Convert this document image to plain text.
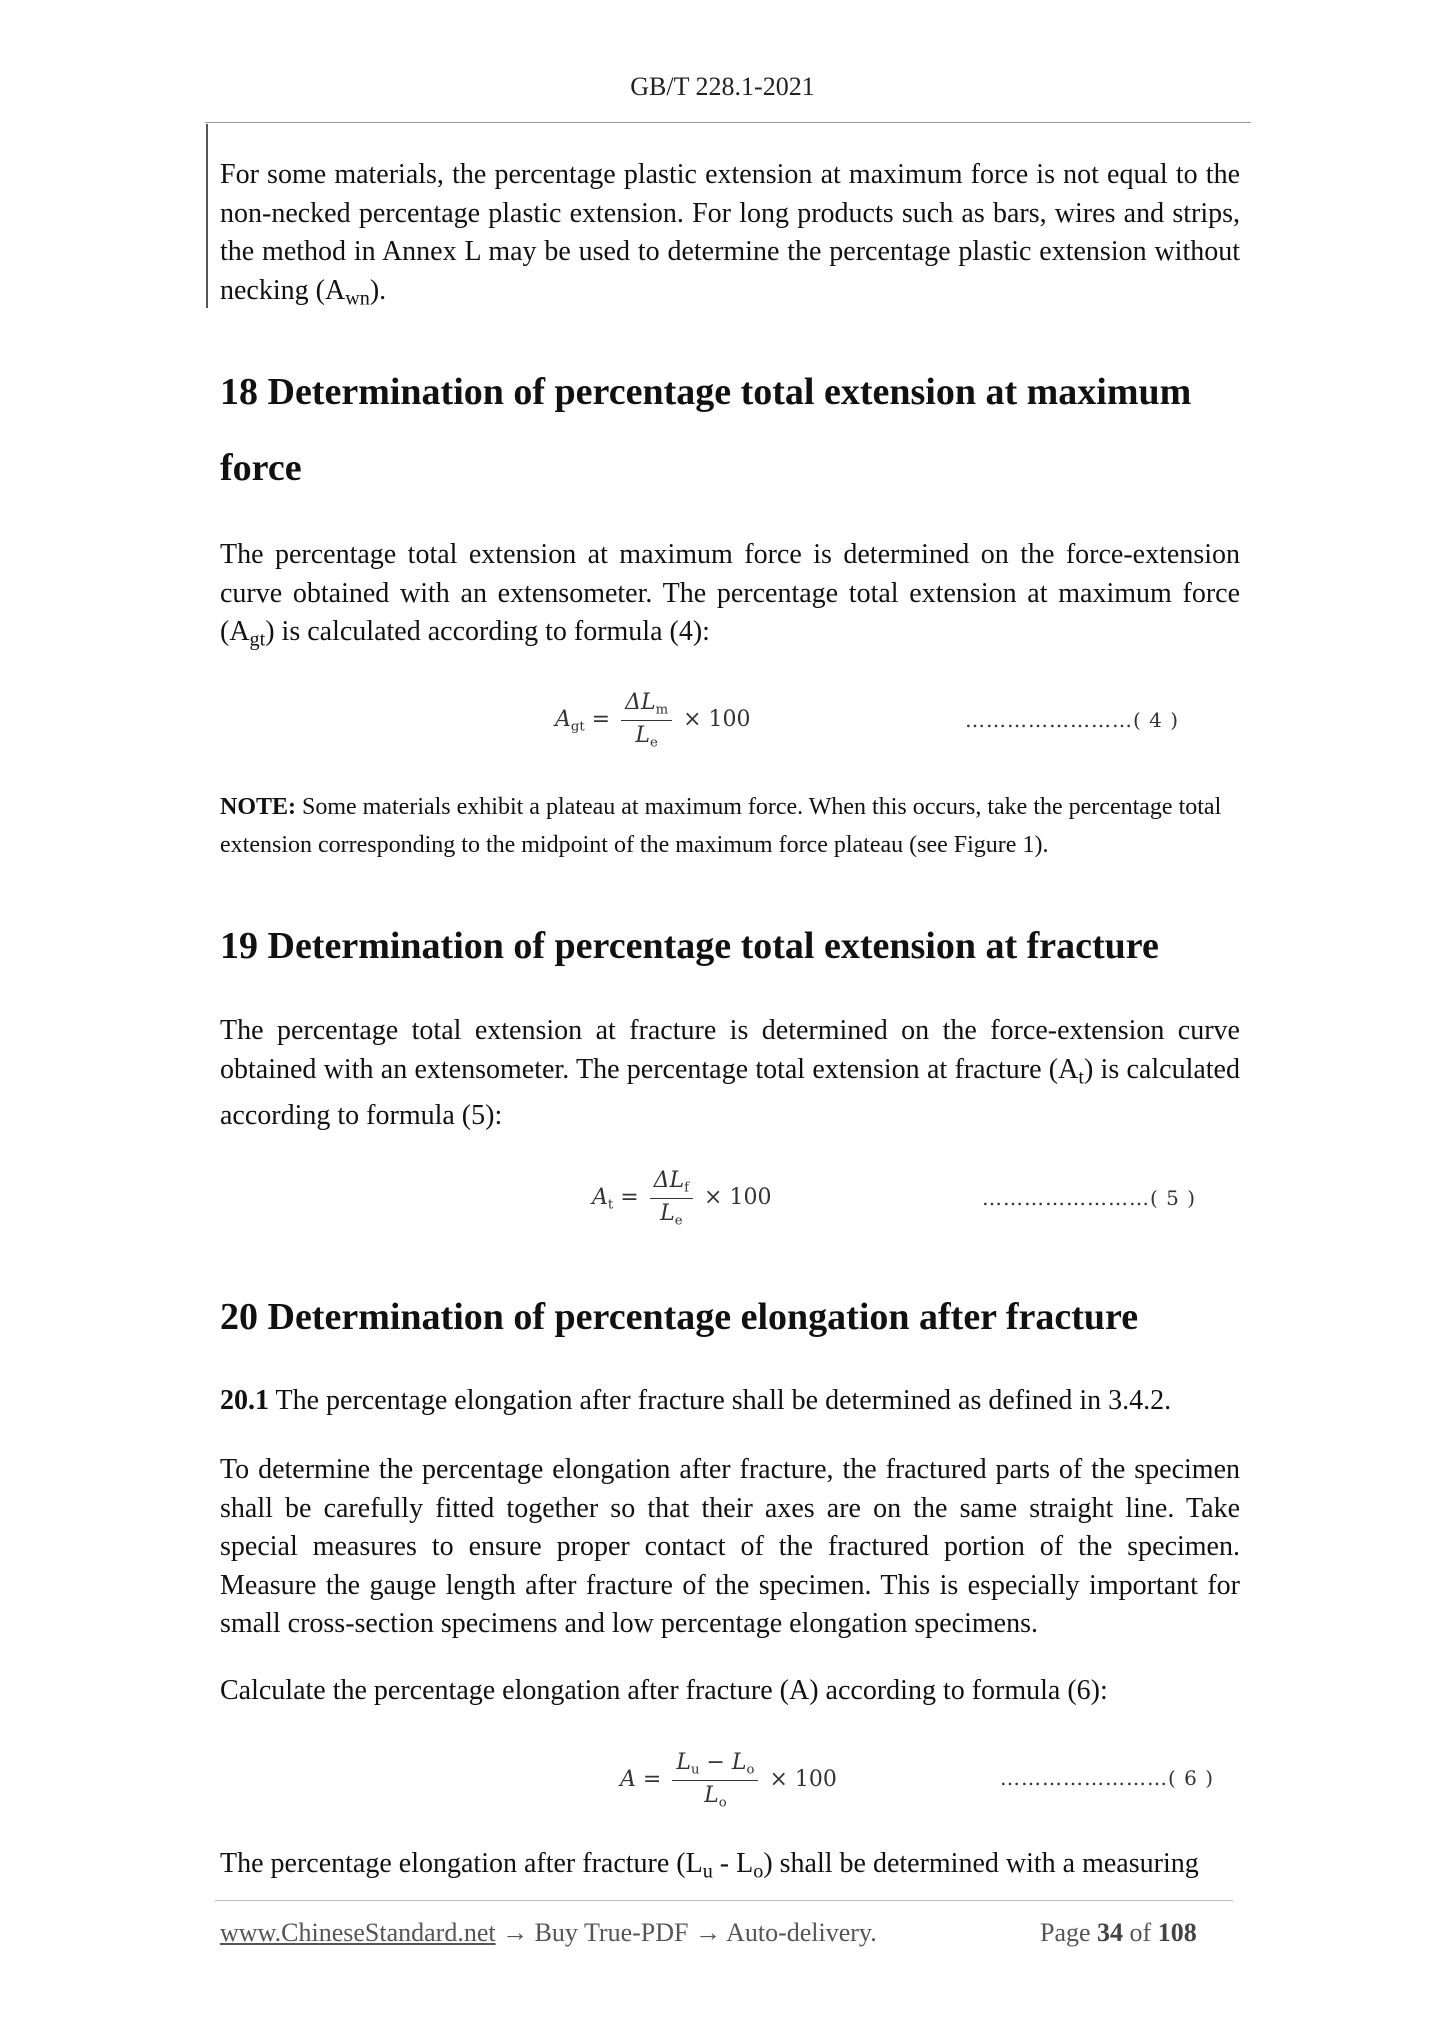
GB/T 228.1-2021
For some materials, the percentage plastic extension at maximum force is not equal to the non-necked percentage plastic extension. For long products such as bars, wires and strips, the method in Annex L may be used to determine the percentage plastic extension without necking $(A_{wn})$.
18 Determination of percentage total extension at maximum force
The percentage total extension at maximum force is determined on the force-extension curve obtained with an extensometer. The percentage total extension at maximum force $(A_{gt})$ is calculated according to formula (4):
$A_{gt} = \frac{\Delta L_m}{L_e} \times 100$	……………………( 4 )
NOTE: Some materials exhibit a plateau at maximum force. When this occurs, take the percentage total extension corresponding to the midpoint of the maximum force plateau (see Figure 1).
19 Determination of percentage total extension at fracture
The percentage total extension at fracture is determined on the force-extension curve obtained with an extensometer. The percentage total extension at fracture $(A_t)$ is calculated according to formula (5):
$A_t = \frac{\Delta L_f}{L_e} \times 100$	……………………( 5 )
20 Determination of percentage elongation after fracture
20.1 The percentage elongation after fracture shall be determined as defined in 3.4.2.
To determine the percentage elongation after fracture, the fractured parts of the specimen shall be carefully fitted together so that their axes are on the same straight line. Take special measures to ensure proper contact of the fractured portion of the specimen. Measure the gauge length after fracture of the specimen. This is especially important for small cross-section specimens and low percentage elongation specimens.
Calculate the percentage elongation after fracture (A) according to formula (6):
$A = \frac{L_u - L_o}{L_o} \times 100$	……………………( 6 )
The percentage elongation after fracture $(L_u - L_o)$ shall be determined with a measuring
www.ChineseStandard.net → Buy True-PDF → Auto-delivery.	Page 34 of 108
